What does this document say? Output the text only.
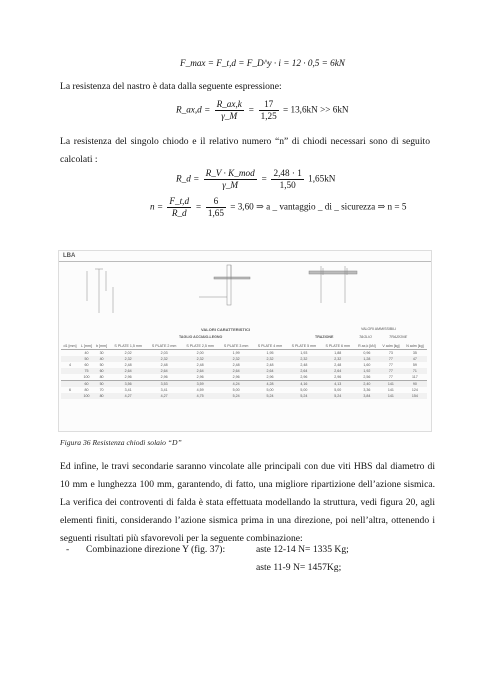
F_max = F_t,d = F_D^y · i = 12 · 0,5 = 6kN
La resistenza del nastro è data dalla seguente espressione:
R_ax,d = $\frac{R\_ax,k}{\gamma\_M} = \frac{17}{1,25} = 13,6kN >> 6kN$
La resistenza del singolo chiodo e il relativo numero “n” di chiodi necessari sono di seguito calcolati :
R_d = $\frac{\text{R\_V · K\_mod}}{\gamma\_M} = \frac{2,48 \cdot 1}{1,50} 1,65kN$
$n = \frac{F\_t,d}{R\_d} = \frac{6}{1,65} = 3,60$ ⇒ a _ vantaggio _ di _ sicurezza ⇒ n = 5
LBA
VALORI CARATTERISTICI
TAGLIO ACCIAIO-LEGNO	TRAZIONE
VALORI AMMISSIBILI
TAGLIO	TRAZIONE
d1 [mm]	L [mm]	b [mm]	S PLATE 1,5 mm	S PLATE 2 mm	S PLATE 2,5 mm	S PLATE 3 mm	S PLATE 4 mm	S PLATE 5 mm	S PLATE 6 mm	R ax,k [kN]	V adm [kg]	N adm [kg]
	40	30	2,02	2,03	2,00	1,99	1,95	1,93	1,88	0,96	73	35
	50	40	2,32	2,32	2,32	2,32	2,32	2,32	2,32	1,28	77	47
4	60	50	2,48	2,48	2,48	2,48	2,48	2,48	2,48	1,60	77	59
	75	60	2,64	2,64	2,64	2,64	2,64	2,64	2,64	1,92	77	71
	100	80	2,96	2,96	2,96	2,96	2,96	2,96	2,96	2,56	77	117
	60	50	3,56	3,53	3,59	4,24	4,28	4,16	4,13	2,40	141	90
6	80	70	3,41	3,41	4,59	5,00	5,00	5,00	5,00	3,36	141	124
	100	80	4,27	4,27	4,75	5,24	5,24	5,24	5,24	3,84	141	154
Figura 36 Resistenza chiodi solaio “D”
Ed infine, le travi secondarie saranno vincolate alle principali con due viti HBS dal diametro di 10 mm e lunghezza 100 mm, garantendo, di fatto, una migliore ripartizione dell’azione sismica. La verifica dei controventi di falda è stata effettuata modellando la struttura, vedi figura 20, agli elementi finiti, considerando l’azione sismica prima in una direzione, poi nell’altra, ottenendo i seguenti risultati più sfavorevoli per la seguente combinazione:
- Combinazione direzione Y (fig. 37):	aste 12-14 N= 1335 Kg;
aste 11-9 N= 1457Kg;
